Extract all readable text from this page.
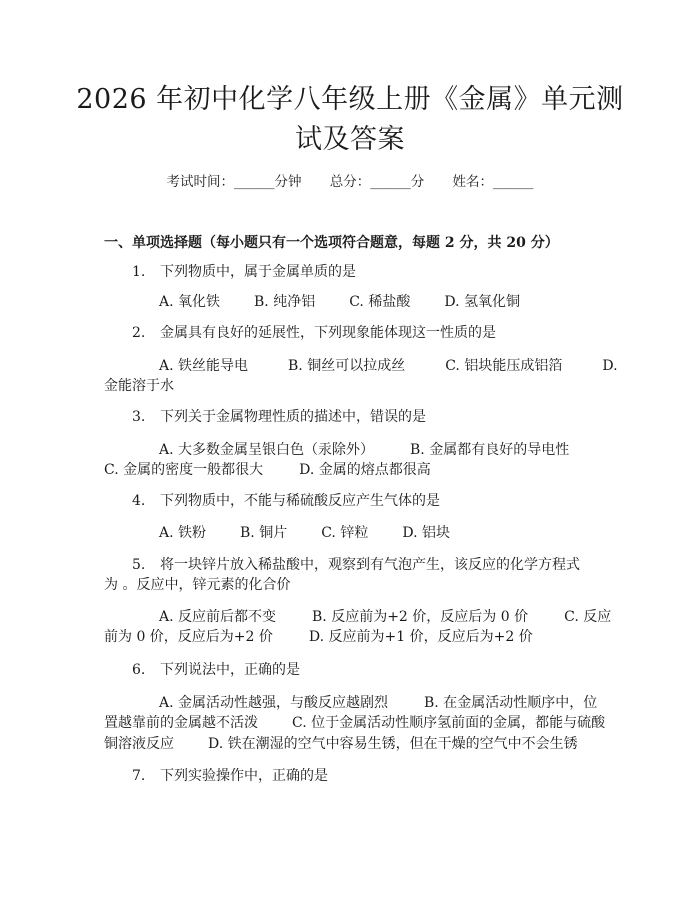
2026 年初中化学八年级上册《金属》单元测
试及答案
考试时间：______分钟 总分：______分 姓名：______
一、单项选择题（每小题只有一个选项符合题意，每题 2 分，共 20 分）
1. 下列物质中，属于金属单质的是
A. 氧化铁 B. 纯净铝 C. 稀盐酸 D. 氢氧化铜
2. 金属具有良好的延展性，下列现象能体现这一性质的是
A. 铁丝能导电	B. 铜丝可以拉成丝	C. 铝块能压成铝箔	D.
金能溶于水
3. 下列关于金属物理性质的描述中，错误的是
A. 大多数金属呈银白色（汞除外）	B. 金属都有良好的导电性
C. 金属的密度一般都很大	D. 金属的熔点都很高
4. 下列物质中，不能与稀硫酸反应产生气体的是
A. 铁粉 B. 铜片 C. 锌粒 D. 铝块
5. 将一块锌片放入稀盐酸中，观察到有气泡产生，该反应的化学方程式
为 。反应中，锌元素的化合价
A. 反应前后都不变	B. 反应前为+2 价，反应后为 0 价	C. 反应
前为 0 价，反应后为+2 价	D. 反应前为+1 价，反应后为+2 价
6. 下列说法中，正确的是
A. 金属活动性越强，与酸反应越剧烈	B. 在金属活动性顺序中，位
置越靠前的金属越不活泼 C. 位于金属活动性顺序氢前面的金属，都能与硫酸
铜溶液反应 D. 铁在潮湿的空气中容易生锈，但在干燥的空气中不会生锈
7. 下列实验操作中，正确的是
